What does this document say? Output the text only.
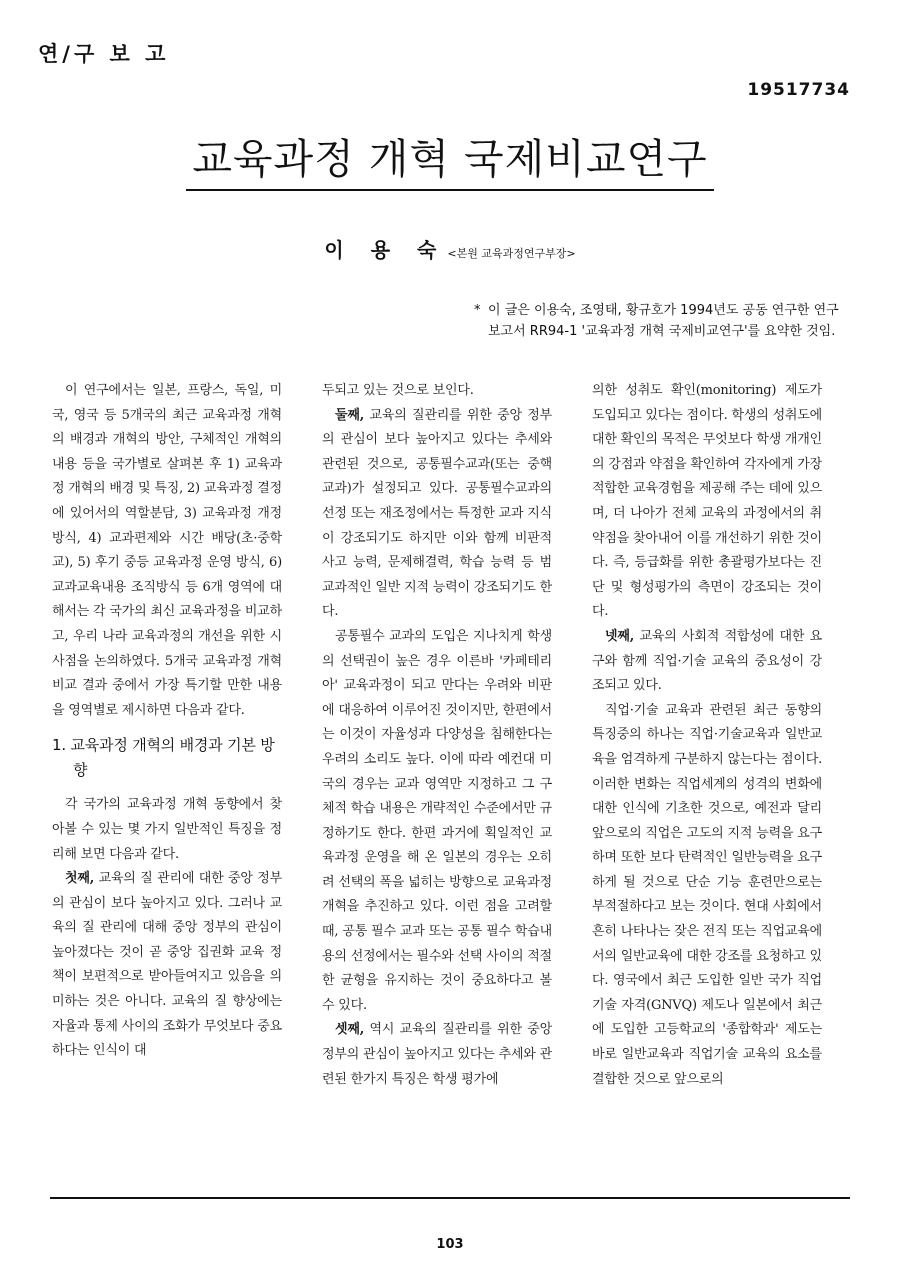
연/구 보 고
19517734
교육과정 개혁 국제비교연구
이 용 숙 <본원 교육과정연구부장>
* 이 글은 이용숙, 조영태, 황규호가 1994년도 공동 연구한 연구보고서 RR94-1 '교육과정 개혁 국제비교연구'를 요약한 것임.

이 연구에서는 일본, 프랑스, 독일, 미국, 영국 등 5개국의 최근 교육과정 개혁의 배경과 개혁의 방안, 구체적인 개혁의 내용 등을 국가별로 살펴본 후 1) 교육과정 개혁의 배경 및 특징, 2) 교육과정 결정에 있어서의 역할분담, 3) 교육과정 개정 방식, 4) 교과편제와 시간 배당(초·중학교), 5) 후기 중등 교육과정 운영 방식, 6) 교과교육내용 조직방식 등 6개 영역에 대해서는 각 국가의 최신 교육과정을 비교하고, 우리 나라 교육과정의 개선을 위한 시사점을 논의하였다. 5개국 교육과정 개혁 비교 결과 중에서 가장 특기할 만한 내용을 영역별로 제시하면 다음과 같다.

1. 교육과정 개혁의 배경과 기본 방향

각 국가의 교육과정 개혁 동향에서 찾아볼 수 있는 몇 가지 일반적인 특징을 정리해 보면 다음과 같다.

첫째, 교육의 질 관리에 대한 중앙 정부의 관심이 보다 높아지고 있다. 그러나 교육의 질 관리에 대해 중앙 정부의 관심이 높아졌다는 것이 곧 중앙 집권화 교육 정책이 보편적으로 받아들여지고 있음을 의미하는 것은 아니다. 교육의 질 향상에는 자율과 통제 사이의 조화가 무엇보다 중요하다는 인식이 대

두되고 있는 것으로 보인다.

둘째, 교육의 질관리를 위한 중앙 정부의 관심이 보다 높아지고 있다는 추세와 관련된 것으로, 공통필수교과(또는 중핵 교과)가 설정되고 있다. 공통필수교과의 선정 또는 재조정에서는 특정한 교과 지식이 강조되기도 하지만 이와 함께 비판적 사고 능력, 문제해결력, 학습 능력 등 범 교과적인 일반 지적 능력이 강조되기도 한다.

공통필수 교과의 도입은 지나치게 학생의 선택권이 높은 경우 이른바 '카페테리아' 교육과정이 되고 만다는 우려와 비판에 대응하여 이루어진 것이지만, 한편에서는 이것이 자율성과 다양성을 침해한다는 우려의 소리도 높다. 이에 따라 예컨대 미국의 경우는 교과 영역만 지정하고 그 구체적 학습 내용은 개략적인 수준에서만 규정하기도 한다. 한편 과거에 획일적인 교육과정 운영을 해 온 일본의 경우는 오히려 선택의 폭을 넓히는 방향으로 교육과정 개혁을 추진하고 있다. 이런 점을 고려할 때, 공통 필수 교과 또는 공통 필수 학습내용의 선정에서는 필수와 선택 사이의 적절한 균형을 유지하는 것이 중요하다고 볼 수 있다.

셋째, 역시 교육의 질관리를 위한 중앙정부의 관심이 높아지고 있다는 추세와 관련된 한가지 특징은 학생 평가에

의한 성취도 확인(monitoring) 제도가 도입되고 있다는 점이다. 학생의 성취도에 대한 확인의 목적은 무엇보다 학생 개개인의 강점과 약점을 확인하여 각자에게 가장 적합한 교육경험을 제공해 주는 데에 있으며, 더 나아가 전체 교육의 과정에서의 취약점을 찾아내어 이를 개선하기 위한 것이다. 즉, 등급화를 위한 총괄평가보다는 진단 및 형성평가의 측면이 강조되는 것이다.

넷째, 교육의 사회적 적합성에 대한 요구와 함께 직업·기술 교육의 중요성이 강조되고 있다.

직업·기술 교육과 관련된 최근 동향의 특징중의 하나는 직업·기술교육과 일반교육을 엄격하게 구분하지 않는다는 점이다. 이러한 변화는 직업세계의 성격의 변화에 대한 인식에 기초한 것으로, 예전과 달리 앞으로의 직업은 고도의 지적 능력을 요구하며 또한 보다 탄력적인 일반능력을 요구하게 될 것으로 단순 기능 훈련만으로는 부적절하다고 보는 것이다. 현대 사회에서 흔히 나타나는 잦은 전직 또는 직업교육에서의 일반교육에 대한 강조를 요청하고 있다. 영국에서 최근 도입한 일반 국가 직업기술 자격(GNVQ) 제도나 일본에서 최근에 도입한 고등학교의 '종합학과' 제도는 바로 일반교육과 직업기술 교육의 요소를 결합한 것으로 앞으로의

103
